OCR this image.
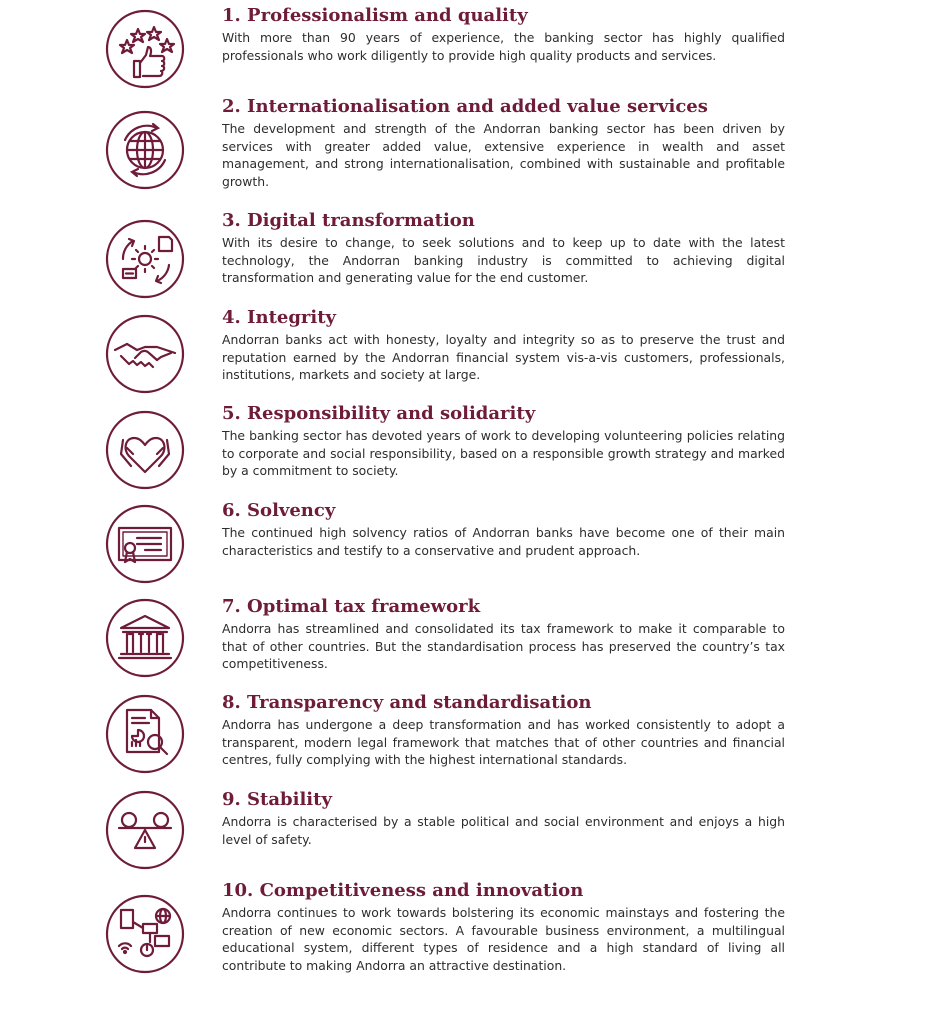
1. Professionalism and quality

With more than 90 years of experience, the banking sector has highly qualified professionals who work diligently to provide high quality products and services.

2. Internationalisation and added value services

The development and strength of the Andorran banking sector has been driven by services with greater added value, extensive experience in wealth and asset management, and strong internationalisation, combined with sustainable and profitable growth.

3. Digital transformation

With its desire to change, to seek solutions and to keep up to date with the latest technology, the Andorran banking industry is committed to achieving digital transformation and generating value for the end customer.

4. Integrity

Andorran banks act with honesty, loyalty and integrity so as to preserve the trust and reputation earned by the Andorran financial system vis-a-vis customers, professionals, institutions, markets and society at large.

5. Responsibility and solidarity

The banking sector has devoted years of work to developing volunteering policies relating to corporate and social responsibility, based on a responsible growth strategy and marked by a commitment to society.

6. Solvency

The continued high solvency ratios of Andorran banks have become one of their main characteristics and testify to a conservative and prudent approach.

7. Optimal tax framework

Andorra has streamlined and consolidated its tax framework to make it comparable to that of other countries. But the standardisation process has preserved the country’s tax competitiveness.

8. Transparency and standardisation

Andorra has undergone a deep transformation and has worked consistently to adopt a transparent, modern legal framework that matches that of other countries and financial centres, fully complying with the highest international standards.

9. Stability

Andorra is characterised by a stable political and social environment and enjoys a high level of safety.

10. Competitiveness and innovation

Andorra continues to work towards bolstering its economic mainstays and fostering the creation of new economic sectors. A favourable business environment, a multilingual educational system, different types of residence and a high standard of living all contribute to making Andorra an attractive destination.
